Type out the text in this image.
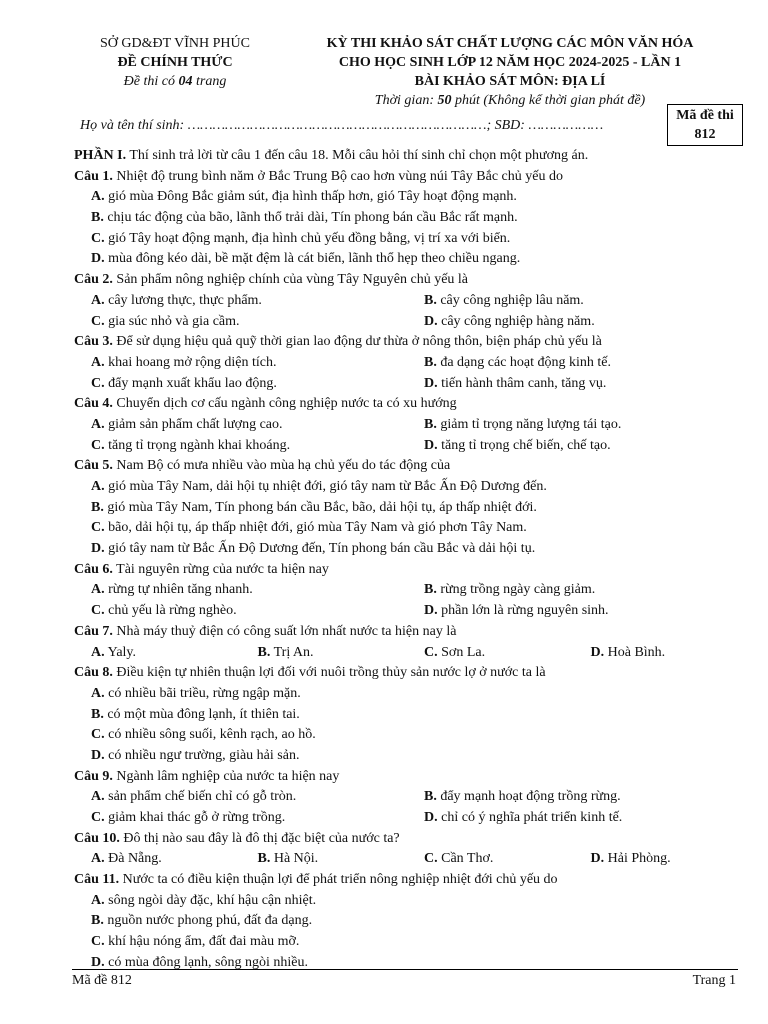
SỞ GD&ĐT VĨNH PHÚC
ĐỀ CHÍNH THỨC
Đề thi có 04 trang
KỲ THI KHẢO SÁT CHẤT LƯỢNG CÁC MÔN VĂN HÓA
CHO HỌC SINH LỚP 12 NĂM HỌC 2024-2025 - LẦN 1
BÀI KHẢO SÁT MÔN: ĐỊA LÍ
Thời gian: 50 phút (Không kể thời gian phát đề)
Mã đề thi
812
Họ và tên thí sinh: ………………………………………………………………; SBD: ………………
PHẦN I. Thí sinh trả lời từ câu 1 đến câu 18. Mỗi câu hỏi thí sinh chỉ chọn một phương án.
Câu 1. Nhiệt độ trung bình năm ở Bắc Trung Bộ cao hơn vùng núi Tây Bắc chủ yếu do
A. gió mùa Đông Bắc giảm sút, địa hình thấp hơn, gió Tây hoạt động mạnh.
B. chịu tác động của bão, lãnh thổ trải dài, Tín phong bán cầu Bắc rất mạnh.
C. gió Tây hoạt động mạnh, địa hình chủ yếu đồng bằng, vị trí xa với biển.
D. mùa đông kéo dài, bề mặt đệm là cát biển, lãnh thổ hẹp theo chiều ngang.
Câu 2. Sản phẩm nông nghiệp chính của vùng Tây Nguyên chủ yếu là
A. cây lương thực, thực phẩm.	B. cây công nghiệp lâu năm.
C. gia súc nhỏ và gia cầm.	D. cây công nghiệp hàng năm.
Câu 3. Để sử dụng hiệu quả quỹ thời gian lao động dư thừa ở nông thôn, biện pháp chủ yếu là
A. khai hoang mở rộng diện tích.	B. đa dạng các hoạt động kinh tế.
C. đẩy mạnh xuất khẩu lao động.	D. tiến hành thâm canh, tăng vụ.
Câu 4. Chuyển dịch cơ cấu ngành công nghiệp nước ta có xu hướng
A. giảm sản phẩm chất lượng cao.	B. giảm tỉ trọng năng lượng tái tạo.
C. tăng tỉ trọng ngành khai khoáng.	D. tăng tỉ trọng chế biến, chế tạo.
Câu 5. Nam Bộ có mưa nhiều vào mùa hạ chủ yếu do tác động của
A. gió mùa Tây Nam, dải hội tụ nhiệt đới, gió tây nam từ Bắc Ấn Độ Dương đến.
B. gió mùa Tây Nam, Tín phong bán cầu Bắc, bão, dải hội tụ, áp thấp nhiệt đới.
C. bão, dải hội tụ, áp thấp nhiệt đới, gió mùa Tây Nam và gió phơn Tây Nam.
D. gió tây nam từ Bắc Ấn Độ Dương đến, Tín phong bán cầu Bắc và dải hội tụ.
Câu 6. Tài nguyên rừng của nước ta hiện nay
A. rừng tự nhiên tăng nhanh.	B. rừng trồng ngày càng giảm.
C. chủ yếu là rừng nghèo.	D. phần lớn là rừng nguyên sinh.
Câu 7. Nhà máy thuỷ điện có công suất lớn nhất nước ta hiện nay là
A. Yaly.	B. Trị An.	C. Sơn La.	D. Hoà Bình.
Câu 8. Điều kiện tự nhiên thuận lợi đối với nuôi trồng thủy sản nước lợ ở nước ta là
A. có nhiều bãi triều, rừng ngập mặn.
B. có một mùa đông lạnh, ít thiên tai.
C. có nhiều sông suối, kênh rạch, ao hồ.
D. có nhiều ngư trường, giàu hải sản.
Câu 9. Ngành lâm nghiệp của nước ta hiện nay
A. sản phẩm chế biến chỉ có gỗ tròn.	B. đẩy mạnh hoạt động trồng rừng.
C. giảm khai thác gỗ ở rừng trồng.	D. chỉ có ý nghĩa phát triển kinh tế.
Câu 10. Đô thị nào sau đây là đô thị đặc biệt của nước ta?
A. Đà Nẵng.	B. Hà Nội.	C. Cần Thơ.	D. Hải Phòng.
Câu 11. Nước ta có điều kiện thuận lợi để phát triển nông nghiệp nhiệt đới chủ yếu do
A. sông ngòi dày đặc, khí hậu cận nhiệt.
B. nguồn nước phong phú, đất đa dạng.
C. khí hậu nóng ẩm, đất đai màu mỡ.
D. có mùa đông lạnh, sông ngòi nhiều.
Mã đề 812	Trang 1
